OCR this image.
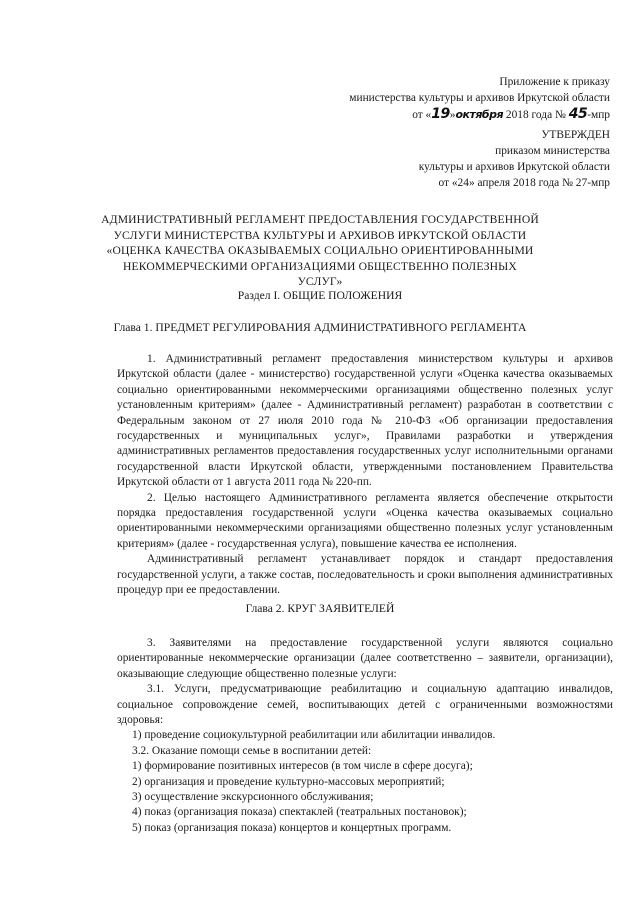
Приложение к приказу
министерства культуры и архивов Иркутской области
от «19»октября 2018 года № 45-мпр
УТВЕРЖДЕН
приказом министерства
культуры и архивов Иркутской области
от «24» апреля 2018 года № 27-мпр
АДМИНИСТРАТИВНЫЙ РЕГЛАМЕНТ ПРЕДОСТАВЛЕНИЯ ГОСУДАРСТВЕННОЙ УСЛУГИ МИНИСТЕРСТВА КУЛЬТУРЫ И АРХИВОВ ИРКУТСКОЙ ОБЛАСТИ «ОЦЕНКА КАЧЕСТВА ОКАЗЫВАЕМЫХ СОЦИАЛЬНО ОРИЕНТИРОВАННЫМИ НЕКОММЕРЧЕСКИМИ ОРГАНИЗАЦИЯМИ ОБЩЕСТВЕННО ПОЛЕЗНЫХ УСЛУГ»
Раздел I. ОБЩИЕ ПОЛОЖЕНИЯ
Глава 1. ПРЕДМЕТ РЕГУЛИРОВАНИЯ АДМИНИСТРАТИВНОГО РЕГЛАМЕНТА

1. Административный регламент предоставления министерством культуры и архивов Иркутской области (далее - министерство) государственной услуги «Оценка качества оказываемых социально ориентированными некоммерческими организациями общественно полезных услуг установленным критериям» (далее - Административный регламент) разработан в соответствии с Федеральным законом от 27 июля 2010 года № 210-ФЗ «Об организации предоставления государственных и муниципальных услуг», Правилами разработки и утверждения административных регламентов предоставления государственных услуг исполнительными органами государственной власти Иркутской области, утвержденными постановлением Правительства Иркутской области от 1 августа 2011 года № 220-пп.

2. Целью настоящего Административного регламента является обеспечение открытости порядка предоставления государственной услуги «Оценка качества оказываемых социально ориентированными некоммерческими организациями общественно полезных услуг установленным критериям» (далее - государственная услуга), повышение качества ее исполнения.

Административный регламент устанавливает порядок и стандарт предоставления государственной услуги, а также состав, последовательность и сроки выполнения административных процедур при ее предоставлении.

Глава 2. КРУГ ЗАЯВИТЕЛЕЙ

3. Заявителями на предоставление государственной услуги являются социально ориентированные некоммерческие организации (далее соответственно – заявители, организации), оказывающие следующие общественно полезные услуги:

3.1. Услуги, предусматривающие реабилитацию и социальную адаптацию инвалидов, социальное сопровождение семей, воспитывающих детей с ограниченными возможностями здоровья:

1) проведение социокультурной реабилитации или абилитации инвалидов.

3.2. Оказание помощи семье в воспитании детей:

1) формирование позитивных интересов (в том числе в сфере досуга);

2) организация и проведение культурно-массовых мероприятий;

3) осуществление экскурсионного обслуживания;

4) показ (организация показа) спектаклей (театральных постановок);

5) показ (организация показа) концертов и концертных программ.
